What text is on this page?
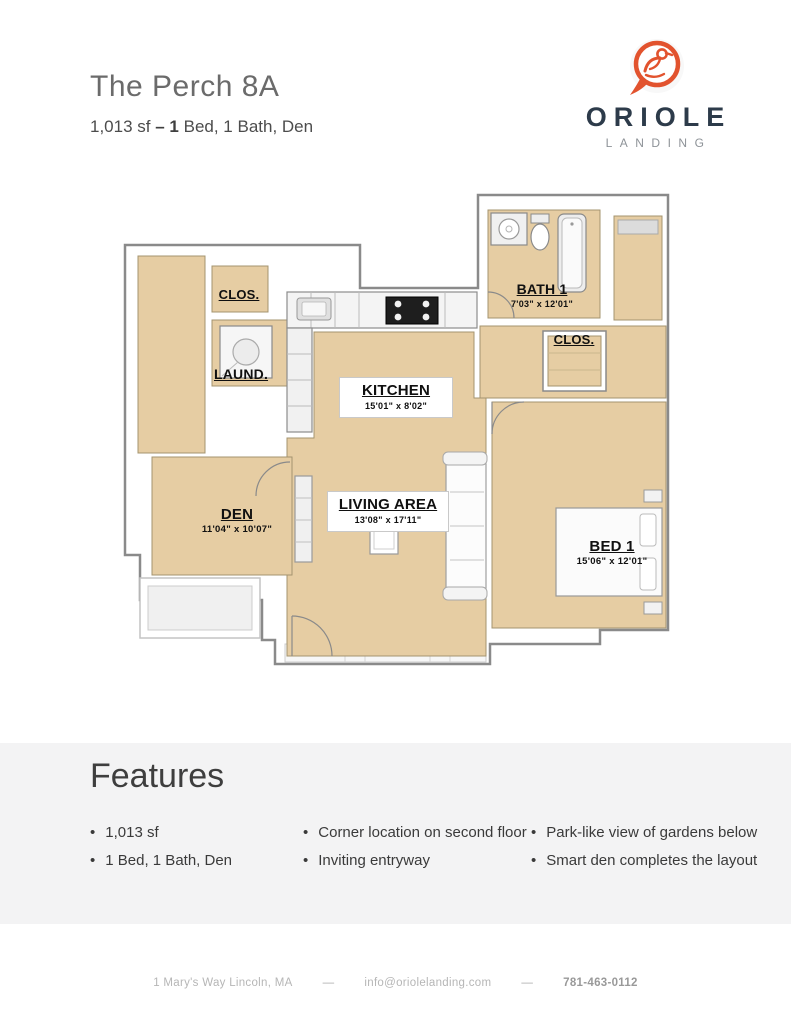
The Perch 8A
1,013 sf – 1 Bed, 1 Bath, Den	ORIOLE
LANDING
CLOS.
LAUND.
KITCHEN
15'01" x 8'02"
BATH 1
7'03" x 12'01"
CLOS.
DEN
11'04" x 10'07"
LIVING AREA
13'08" x 17'11"
BED 1
15'06" x 12'01"
Features
• 1,013 sf
• 1 Bed, 1 Bath, Den
• Corner location on second floor
• Inviting entryway
• Park-like view of gardens below
• Smart den completes the layout
1 Mary's Way Lincoln, MA	—	info@oriolelanding.com	—	781-463-0112
